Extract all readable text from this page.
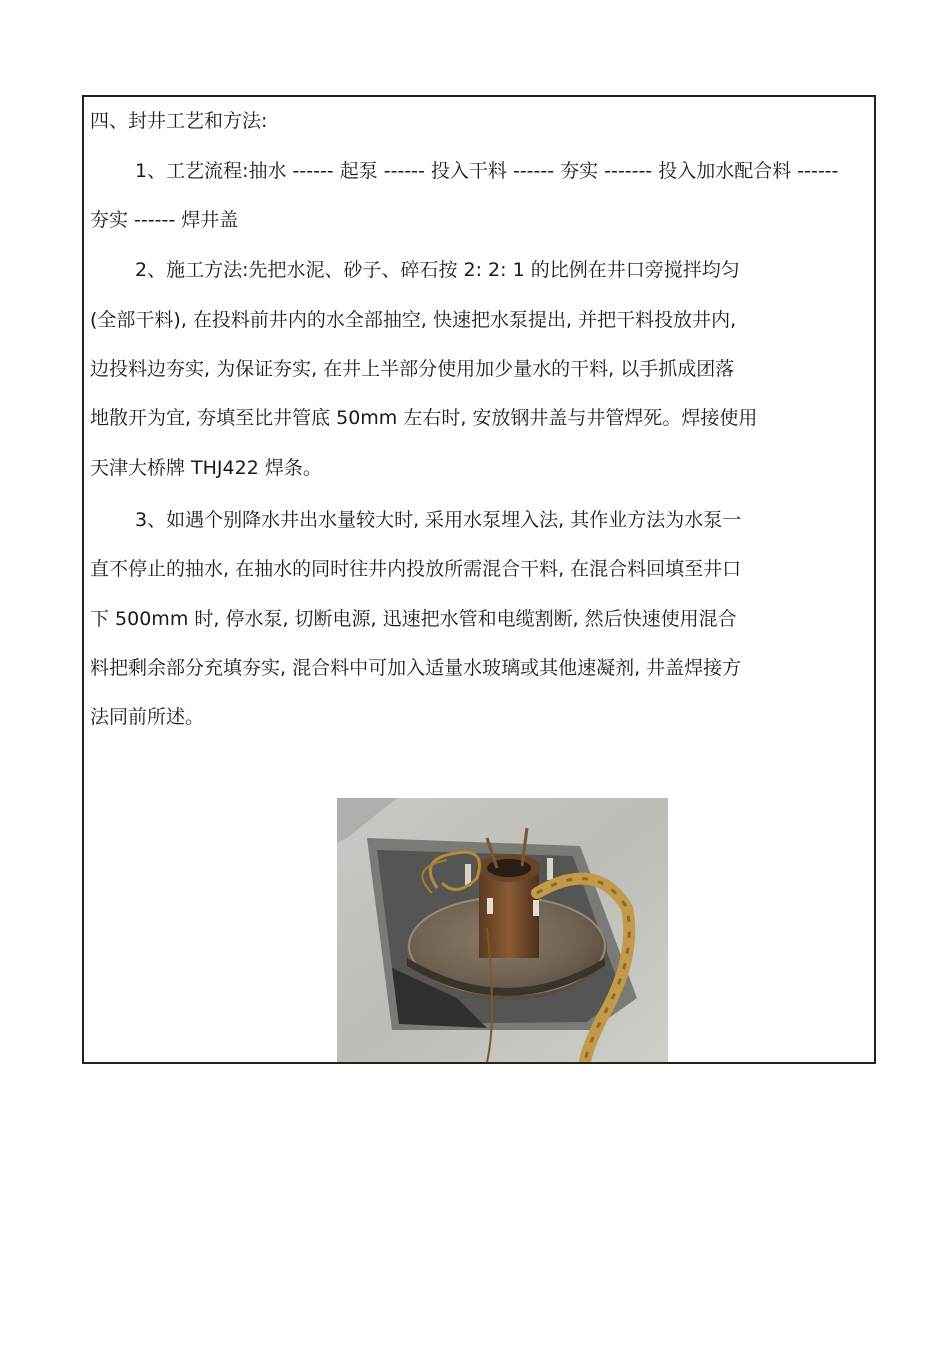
四、封井工艺和方法:
1、工艺流程:抽水 ------ 起泵 ------ 投入干料 ------ 夯实 ------- 投入加水配合料 ------
夯实 ------ 焊井盖
2、施工方法:先把水泥、砂子、碎石按 2: 2: 1 的比例在井口旁搅拌均匀
(全部干料), 在投料前井内的水全部抽空, 快速把水泵提出, 并把干料投放井内,
边投料边夯实, 为保证夯实, 在井上半部分使用加少量水的干料, 以手抓成团落
地散开为宜, 夯填至比井管底 50mm 左右时, 安放钢井盖与井管焊死。焊接使用
天津大桥牌 THJ422 焊条。
3、如遇个别降水井出水量较大时, 采用水泵埋入法, 其作业方法为水泵一
直不停止的抽水, 在抽水的同时往井内投放所需混合干料, 在混合料回填至井口
下 500mm 时, 停水泵, 切断电源, 迅速把水管和电缆割断, 然后快速使用混合
料把剩余部分充填夯实, 混合料中可加入适量水玻璃或其他速凝剂, 井盖焊接方
法同前所述。
